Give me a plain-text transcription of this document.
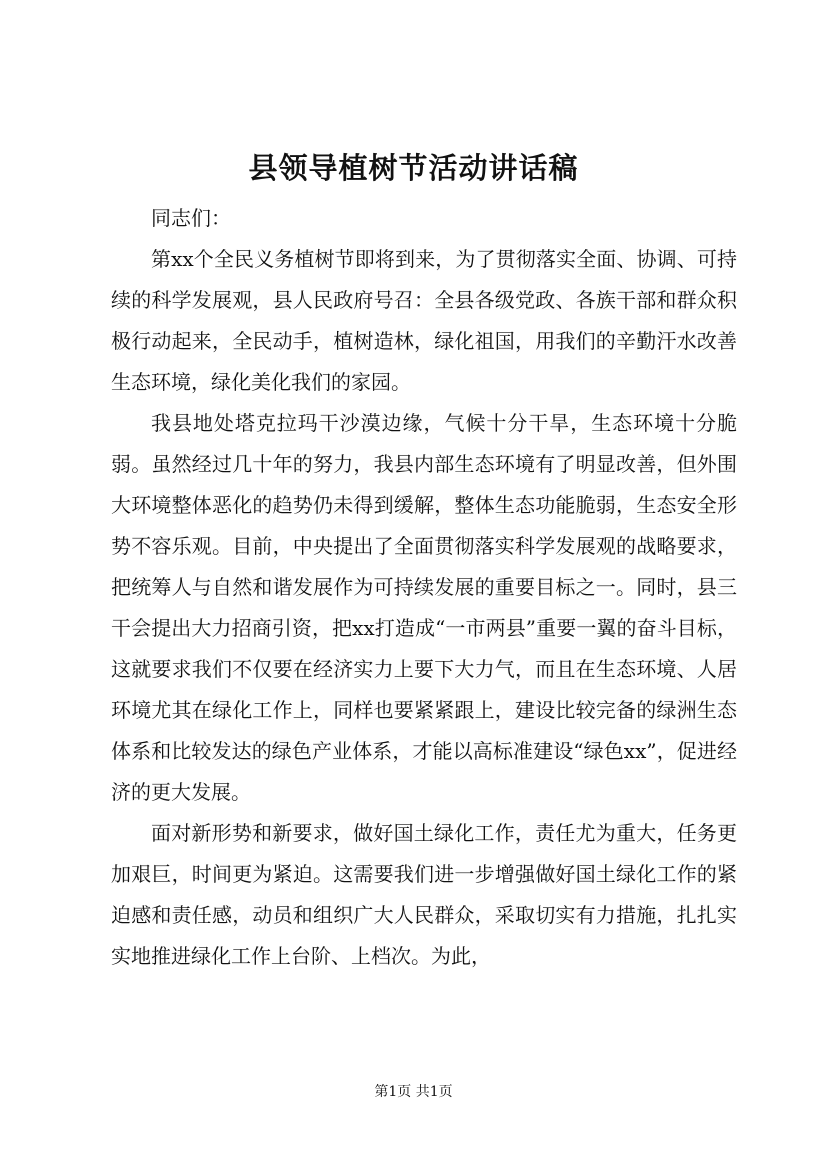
县领导植树节活动讲话稿

同志们：

第xx个全民义务植树节即将到来，为了贯彻落实全面、协调、可持续的科学发展观，县人民政府号召：全县各级党政、各族干部和群众积极行动起来，全民动手，植树造林，绿化祖国，用我们的辛勤汗水改善生态环境，绿化美化我们的家园。

我县地处塔克拉玛干沙漠边缘，气候十分干旱，生态环境十分脆弱。虽然经过几十年的努力，我县内部生态环境有了明显改善，但外围大环境整体恶化的趋势仍未得到缓解，整体生态功能脆弱，生态安全形势不容乐观。目前，中央提出了全面贯彻落实科学发展观的战略要求，把统筹人与自然和谐发展作为可持续发展的重要目标之一。同时，县三干会提出大力招商引资，把xx打造成“一市两县”重要一翼的奋斗目标，这就要求我们不仅要在经济实力上要下大力气，而且在生态环境、人居环境尤其在绿化工作上，同样也要紧紧跟上，建设比较完备的绿洲生态体系和比较发达的绿色产业体系，才能以高标准建设“绿色xx”，促进经济的更大发展。

面对新形势和新要求，做好国土绿化工作，责任尤为重大，任务更加艰巨，时间更为紧迫。这需要我们进一步增强做好国土绿化工作的紧迫感和责任感，动员和组织广大人民群众，采取切实有力措施，扎扎实实地推进绿化工作上台阶、上档次。为此，

第1页 共1页
